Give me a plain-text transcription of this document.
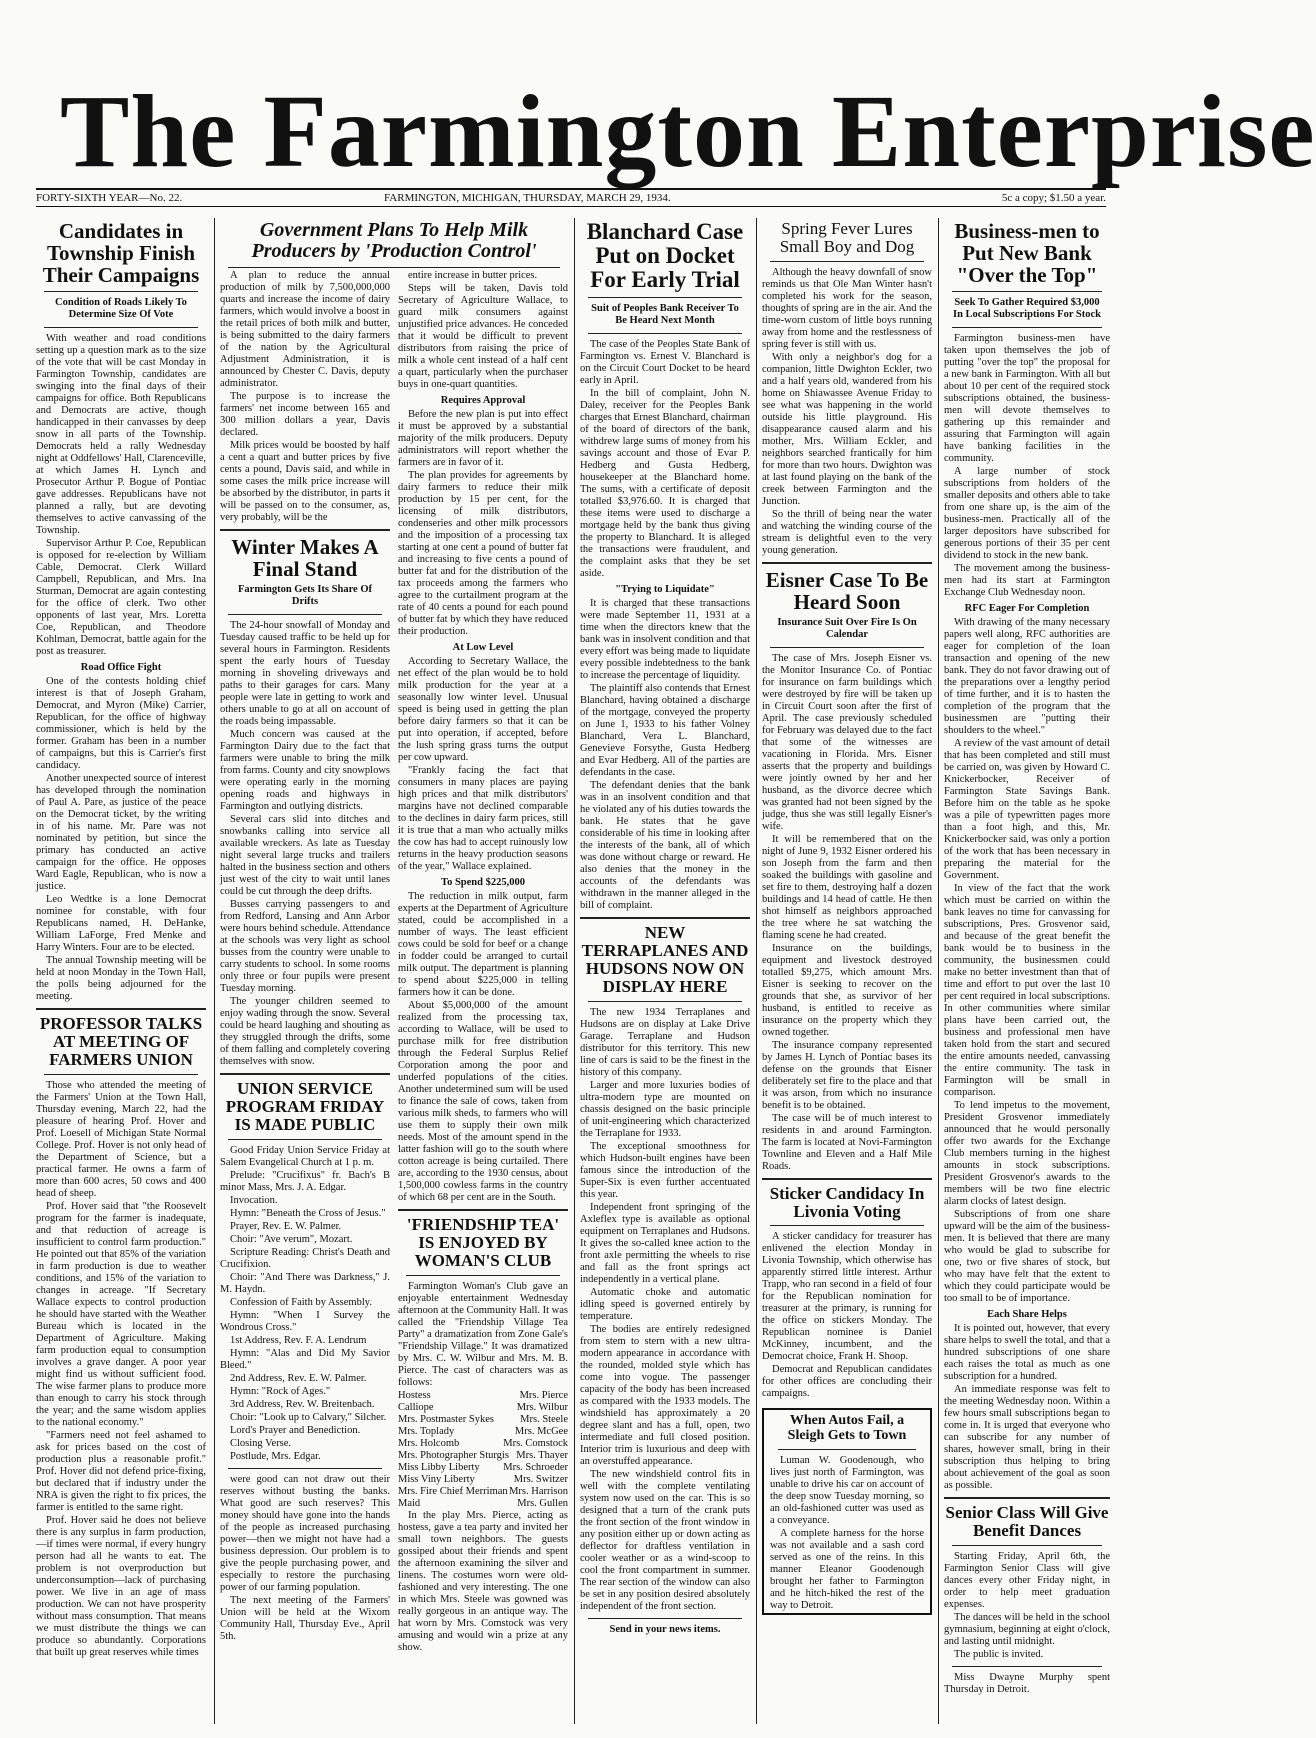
The Farmington Enterprise
FORTY-SIXTH YEAR—No. 22.	FARMINGTON, MICHIGAN, THURSDAY, MARCH 29, 1934.	5c a copy; $1.50 a year.
Candidates in Township Finish Their Campaigns
Condition of Roads Likely To Determine Size Of Vote

With weather and road conditions setting up a question mark as to the size of the vote that will be cast Monday in Farmington Township, candidates are swinging into the final days of their campaigns for office. Both Republicans and Democrats are active, though handicapped in their canvasses by deep snow in all parts of the Township. Democrats held a rally Wednesday night at Oddfellows' Hall, Clarenceville, at which James H. Lynch and Prosecutor Arthur P. Bogue of Pontiac gave addresses. Republicans have not planned a rally, but are devoting themselves to active canvassing of the Township.

Supervisor Arthur P. Coe, Republican is opposed for re-election by William Cable, Democrat. Clerk Willard Campbell, Republican, and Mrs. Ina Sturman, Democrat are again contesting for the office of clerk. Two other opponents of last year, Mrs. Loretta Coe, Republican, and Theodore Kohlman, Democrat, battle again for the post as treasurer.

Road Office Fight

One of the contests holding chief interest is that of Joseph Graham, Democrat, and Myron (Mike) Carrier, Republican, for the office of highway commissioner, which is held by the former. Graham has been in a number of campaigns, but this is Carrier's first candidacy.

Another unexpected source of interest has developed through the nomination of Paul A. Pare, as justice of the peace on the Democrat ticket, by the writing in of his name. Mr. Pare was not nominated by petition, but since the primary has conducted an active campaign for the office. He opposes Ward Eagle, Republican, who is now a justice.

Leo Wedtke is a lone Democrat nominee for constable, with four Republicans named, H. DeHanke, William LaForge, Fred Menke and Harry Winters. Four are to be elected.

The annual Township meeting will be held at noon Monday in the Town Hall, the polls being adjourned for the meeting.

PROFESSOR TALKS AT MEETING OF FARMERS UNION

Those who attended the meeting of the Farmers' Union at the Town Hall, Thursday evening, March 22, had the pleasure of hearing Prof. Hover and Prof. Loesell of Michigan State Normal College. Prof. Hover is not only head of the Department of Science, but a practical farmer. He owns a farm of more than 600 acres, 50 cows and 400 head of sheep.

Prof. Hover said that "the Roosevelt program for the farmer is inadequate, and that reduction of acreage is insufficient to control farm production." He pointed out that 85% of the variation in farm production is due to weather conditions, and 15% of the variation to changes in acreage. "If Secretary Wallace expects to control production he should have started with the Weather Bureau which is located in the Department of Agriculture. Making farm production equal to consumption involves a grave danger. A poor year might find us without sufficient food. The wise farmer plans to produce more than enough to carry his stock through the year; and the same wisdom applies to the national economy."

"Farmers need not feel ashamed to ask for prices based on the cost of production plus a reasonable profit." Prof. Hover did not defend price-fixing, but declared that if industry under the NRA is given the right to fix prices, the farmer is entitled to the same right.

Prof. Hover said he does not believe there is any surplus in farm production,—if times were normal, if every hungry person had all he wants to eat. The problem is not overproduction but underconsumption—lack of purchasing power. We live in an age of mass production. We can not have prosperity without mass consumption. That means we must distribute the things we can produce so abundantly. Corporations that built up great reserves while times

Government Plans To Help Milk Producers by 'Production Control'

A plan to reduce the annual production of milk by 7,500,000,000 quarts and increase the income of dairy farmers, which would involve a boost in the retail prices of both milk and butter, is being submitted to the dairy farmers of the nation by the Agricultural Adjustment Administration, it is announced by Chester C. Davis, deputy administrator.

The purpose is to increase the farmers' net income between 165 and 300 million dollars a year, Davis declared.

Milk prices would be boosted by half a cent a quart and butter prices by five cents a pound, Davis said, and while in some cases the milk price increase will be absorbed by the distributor, in parts it will be passed on to the consumer, as, very probably, will be the

Winter Makes A Final Stand
Farmington Gets Its Share Of Drifts

The 24-hour snowfall of Monday and Tuesday caused traffic to be held up for several hours in Farmington. Residents spent the early hours of Tuesday morning in shoveling driveways and paths to their garages for cars. Many people were late in getting to work and others unable to go at all on account of the roads being impassable.

Much concern was caused at the Farmington Dairy due to the fact that farmers were unable to bring the milk from farms. County and city snowplows were operating early in the morning opening roads and highways in Farmington and outlying districts.

Several cars slid into ditches and snowbanks calling into service all available wreckers. As late as Tuesday night several large trucks and trailers halted in the business section and others just west of the city to wait until lanes could be cut through the deep drifts.

Busses carrying passengers to and from Redford, Lansing and Ann Arbor were hours behind schedule. Attendance at the schools was very light as school busses from the country were unable to carry students to school. In some rooms only three or four pupils were present Tuesday morning.

The younger children seemed to enjoy wading through the snow. Several could be heard laughing and shouting as they struggled through the drifts, some of them falling and completely covering themselves with snow.

UNION SERVICE PROGRAM FRIDAY IS MADE PUBLIC

Good Friday Union Service Friday at Salem Evangelical Church at 1 p. m.

Prelude: "Crucifixus" fr. Bach's B minor Mass, Mrs. J. A. Edgar.

Invocation.

Hymn: "Beneath the Cross of Jesus."

Prayer, Rev. E. W. Palmer.

Choir: "Ave verum", Mozart.

Scripture Reading: Christ's Death and Crucifixion.

Choir: "And There was Darkness," J. M. Haydn.

Confession of Faith by Assembly.

Hymn: "When I Survey the Wondrous Cross."

1st Address, Rev. F. A. Lendrum

Hymn: "Alas and Did My Savior Bleed."

2nd Address, Rev. E. W. Palmer.

Hymn: "Rock of Ages."

3rd Address, Rev. W. Breitenbach.

Choir: "Look up to Calvary," Silcher.

Lord's Prayer and Benediction.

Closing Verse.

Postlude, Mrs. Edgar.

were good can not draw out their reserves without busting the banks. What good are such reserves? This money should have gone into the hands of the people as increased purchasing power—then we might not have had a business depression. Our problem is to give the people purchasing power, and especially to restore the purchasing power of our farming population.

The next meeting of the Farmers' Union will be held at the Wixom Community Hall, Thursday Eve., April 5th.

entire increase in butter prices.

Steps will be taken, Davis told Secretary of Agriculture Wallace, to guard milk consumers against unjustified price advances. He conceded that it would be difficult to prevent distributors from raising the price of milk a whole cent instead of a half cent a quart, particularly when the purchaser buys in one-quart quantities.

Requires Approval

Before the new plan is put into effect it must be approved by a substantial majority of the milk producers. Deputy administrators will report whether the farmers are in favor of it.

The plan provides for agreements by dairy farmers to reduce their milk production by 15 per cent, for the licensing of milk distributors, condenseries and other milk processors and the imposition of a processing tax starting at one cent a pound of butter fat and increasing to five cents a pound of butter fat and for the distribution of the tax proceeds among the farmers who agree to the curtailment program at the rate of 40 cents a pound for each pound of butter fat by which they have reduced their production.

At Low Level

According to Secretary Wallace, the net effect of the plan would be to hold milk production for the year at a seasonally low winter level. Unusual speed is being used in getting the plan before dairy farmers so that it can be put into operation, if accepted, before the lush spring grass turns the output per cow upward.

"Frankly facing the fact that consumers in many places are paying high prices and that milk distributors' margins have not declined comparable to the declines in dairy farm prices, still it is true that a man who actually milks the cow has had to accept ruinously low returns in the heavy production seasons of the year," Wallace explained.

To Spend $225,000

The reduction in milk output, farm experts at the Department of Agriculture stated, could be accomplished in a number of ways. The least efficient cows could be sold for beef or a change in fodder could be arranged to curtail milk output. The department is planning to spend about $225,000 in telling farmers how it can be done.

About $5,000,000 of the amount realized from the processing tax, according to Wallace, will be used to purchase milk for free distribution through the Federal Surplus Relief Corporation among the poor and underfed populations of the cities. Another undetermined sum will be used to finance the sale of cows, taken from various milk sheds, to farmers who will use them to supply their own milk needs. Most of the amount spend in the latter fashion will go to the south where cotton acreage is being curtailed. There are, according to the 1930 census, about 1,500,000 cowless farms in the country of which 68 per cent are in the South.

'FRIENDSHIP TEA' IS ENJOYED BY WOMAN'S CLUB

Farmington Woman's Club gave an enjoyable entertainment Wednesday afternoon at the Community Hall. It was called the "Friendship Village Tea Party" a dramatization from Zone Gale's "Friendship Village." It was dramatized by Mrs. C. W. Wilbur and Mrs. M. B. Pierce. The cast of characters was as follows:

Hostess	Mrs. Pierce
Calliope	Mrs. Wilbur
Mrs. Postmaster Sykes Mrs. Steele
Mrs. Toplady	Mrs. McGee
Mrs. Holcomb	Mrs. Comstock
Mrs. Photographer Sturgis Mrs. Thayer
Miss Libby Liberty Mrs. Schroeder
Miss Viny Liberty	Mrs. Switzer
Mrs. Fire Chief Merriman Mrs. Harrison
Maid	Mrs. Gullen

In the play Mrs. Pierce, acting as hostess, gave a tea party and invited her small town neighbors. The guests gossiped about their friends and spent the afternoon examining the silver and linens. The costumes worn were old-fashioned and very interesting. The one in which Mrs. Steele was gowned was really gorgeous in an antique way. The hat worn by Mrs. Comstock was very amusing and would win a prize at any show.

Blanchard Case Put on Docket For Early Trial
Suit of Peoples Bank Receiver To Be Heard Next Month

The case of the Peoples State Bank of Farmington vs. Ernest V. Blanchard is on the Circuit Court Docket to be heard early in April.

In the bill of complaint, John N. Daley, receiver for the Peoples Bank charges that Ernest Blanchard, chairman of the board of directors of the bank, withdrew large sums of money from his savings account and those of Evar P. Hedberg and Gusta Hedberg, housekeeper at the Blanchard home. The sums, with a certificate of deposit totalled $3,976.60. It is charged that these items were used to discharge a mortgage held by the bank thus giving the property to Blanchard. It is alleged the transactions were fraudulent, and the complaint asks that they be set aside.

"Trying to Liquidate"

It is charged that these transactions were made September 11, 1931 at a time when the directors knew that the bank was in insolvent condition and that every effort was being made to liquidate every possible indebtedness to the bank to increase the percentage of liquidity.

The plaintiff also contends that Ernest Blanchard, having obtained a discharge of the mortgage, conveyed the property on June 1, 1933 to his father Volney Blanchard, Vera L. Blanchard, Genevieve Forsythe, Gusta Hedberg and Evar Hedberg. All of the parties are defendants in the case.

The defendant denies that the bank was in an insolvent condition and that he violated any of his duties towards the bank. He states that he gave considerable of his time in looking after the interests of the bank, all of which was done without charge or reward. He also denies that the money in the accounts of the defendants was withdrawn in the manner alleged in the bill of complaint.

NEW TERRAPLANES AND HUDSONS NOW ON DISPLAY HERE

The new 1934 Terraplanes and Hudsons are on display at Lake Drive Garage. Terraplane and Hudson distributor for this territory. This new line of cars is said to be the finest in the history of this company.

Larger and more luxuries bodies of ultra-modern type are mounted on chassis designed on the basic principle of unit-engineering which characterized the Terraplane for 1933.

The exceptional smoothness for which Hudson-built engines have been famous since the introduction of the Super-Six is even further accentuated this year.

Independent front springing of the Axleflex type is available as optional equipment on Terraplanes and Hudsons. It gives the so-called knee action to the front axle permitting the wheels to rise and fall as the front springs act independently in a vertical plane.

Automatic choke and automatic idling speed is governed entirely by temperature.

The bodies are entirely redesigned from stem to stern with a new ultra-modern appearance in accordance with the rounded, molded style which has come into vogue. The passenger capacity of the body has been increased as compared with the 1933 models. The windshield has approximately a 20 degree slant and has a full, open, two intermediate and full closed position. Interior trim is luxurious and deep with an overstuffed appearance.

The new windshield control fits in well with the complete ventilating system now used on the car. This is so designed that a turn of the crank puts the front section of the front window in any position either up or down acting as deflector for draftless ventilation in cooler weather or as a wind-scoop to cool the front compartment in summer. The rear section of the window can also be set in any position desired absolutely independent of the front section.

Send in your news items.
Spring Fever Lures Small Boy and Dog

Although the heavy downfall of snow reminds us that Ole Man Winter hasn't completed his work for the season, thoughts of spring are in the air. And the time-worn custom of little boys running away from home and the restlessness of spring fever is still with us.

With only a neighbor's dog for a companion, little Dwighton Eckler, two and a half years old, wandered from his home on Shiawassee Avenue Friday to see what was happening in the world outside his little playground. His disappearance caused alarm and his mother, Mrs. William Eckler, and neighbors searched frantically for him for more than two hours. Dwighton was at last found playing on the bank of the creek between Farmington and the Junction.

So the thrill of being near the water and watching the winding course of the stream is delightful even to the very young generation.

Eisner Case To Be Heard Soon
Insurance Suit Over Fire Is On Calendar

The case of Mrs. Joseph Eisner vs. the Monitor Insurance Co. of Pontiac for insurance on farm buildings which were destroyed by fire will be taken up in Circuit Court soon after the first of April. The case previously scheduled for February was delayed due to the fact that some of the witnesses are vacationing in Florida. Mrs. Eisner asserts that the property and buildings were jointly owned by her and her husband, as the divorce decree which was granted had not been signed by the judge, thus she was still legally Eisner's wife.

It will be remembered that on the night of June 9, 1932 Eisner ordered his son Joseph from the farm and then soaked the buildings with gasoline and set fire to them, destroying half a dozen buildings and 14 head of cattle. He then shot himself as neighbors approached the tree where he sat watching the flaming scene he had created.

Insurance on the buildings, equipment and livestock destroyed totalled $9,275, which amount Mrs. Eisner is seeking to recover on the grounds that she, as survivor of her husband, is entitled to receive as insurance on the property which they owned together.

The insurance company represented by James H. Lynch of Pontiac bases its defense on the grounds that Eisner deliberately set fire to the place and that it was arson, from which no insurance benefit is to be obtained.

The case will be of much interest to residents in and around Farmington. The farm is located at Novi-Farmington Townline and Eleven and a Half Mile Roads.

Sticker Candidacy In Livonia Voting

A sticker candidacy for treasurer has enlivened the election Monday in Livonia Township, which otherwise has apparently stirred little interest. Arthur Trapp, who ran second in a field of four for the Republican nomination for treasurer at the primary, is running for the office on stickers Monday. The Republican nominee is Daniel McKinney, incumbent, and the Democrat choice, Frank H. Shoop.

Democrat and Republican candidates for other offices are concluding their campaigns.

When Autos Fail, a Sleigh Gets to Town

Luman W. Goodenough, who lives just north of Farmington, was unable to drive his car on account of the deep snow Tuesday morning, so an old-fashioned cutter was used as a conveyance.

A complete harness for the horse was not available and a sash cord served as one of the reins. In this manner Eleanor Goodenough brought her father to Farmington and he hitch-hiked the rest of the way to Detroit.

Business-men to Put New Bank "Over the Top"
Seek To Gather Required $3,000 In Local Subscriptions For Stock

Farmington business-men have taken upon themselves the job of putting "over the top" the proposal for a new bank in Farmington. With all but about 10 per cent of the required stock subscriptions obtained, the business-men will devote themselves to gathering up this remainder and assuring that Farmington will again have banking facilities in the community.

A large number of stock subscriptions from holders of the smaller deposits and others able to take from one share up, is the aim of the business-men. Practically all of the larger depositors have subscribed for generous portions of their 35 per cent dividend to stock in the new bank.

The movement among the business-men had its start at Farmington Exchange Club Wednesday noon.

RFC Eager For Completion

With drawing of the many necessary papers well along, RFC authorities are eager for completion of the loan transaction and opening of the new bank. They do not favor drawing out of the preparations over a lengthy period of time further, and it is to hasten the completion of the program that the businessmen are "putting their shoulders to the wheel."

A review of the vast amount of detail that has been completed and still must be carried on, was given by Howard C. Knickerbocker, Receiver of Farmington State Savings Bank. Before him on the table as he spoke was a pile of typewritten pages more than a foot high, and this, Mr. Knickerbocker said, was only a portion of the work that has been necessary in preparing the material for the Government.

In view of the fact that the work which must be carried on within the bank leaves no time for canvassing for subscriptions, Pres. Grosvenor said, and because of the great benefit the bank would be to business in the community, the businessmen could make no better investment than that of time and effort to put over the last 10 per cent required in local subscriptions. In other communities where similar plans have been carried out, the business and professional men have taken hold from the start and secured the entire amounts needed, canvassing the entire community. The task in Farmington will be small in comparison.

To lend impetus to the movement, President Grosvenor immediately announced that he would personally offer two awards for the Exchange Club members turning in the highest amounts in stock subscriptions. President Grosvenor's awards to the members will be two fine electric alarm clocks of latest design.

Subscriptions of from one share upward will be the aim of the business-men. It is believed that there are many who would be glad to subscribe for one, two or five shares of stock, but who may have felt that the extent to which they could participate would be too small to be of importance.

Each Share Helps

It is pointed out, however, that every share helps to swell the total, and that a hundred subscriptions of one share each raises the total as much as one subscription for a hundred.

An immediate response was felt to the meeting Wednesday noon. Within a few hours small subscriptions began to come in. It is urged that everyone who can subscribe for any number of shares, however small, bring in their subscription thus helping to bring about achievement of the goal as soon as possible.

Senior Class Will Give Benefit Dances

Starting Friday, April 6th, the Farmington Senior Class will give dances every other Friday night, in order to help meet graduation expenses.

The dances will be held in the school gymnasium, beginning at eight o'clock, and lasting until midnight.

The public is invited.

Miss Dwayne Murphy spent Thursday in Detroit.
